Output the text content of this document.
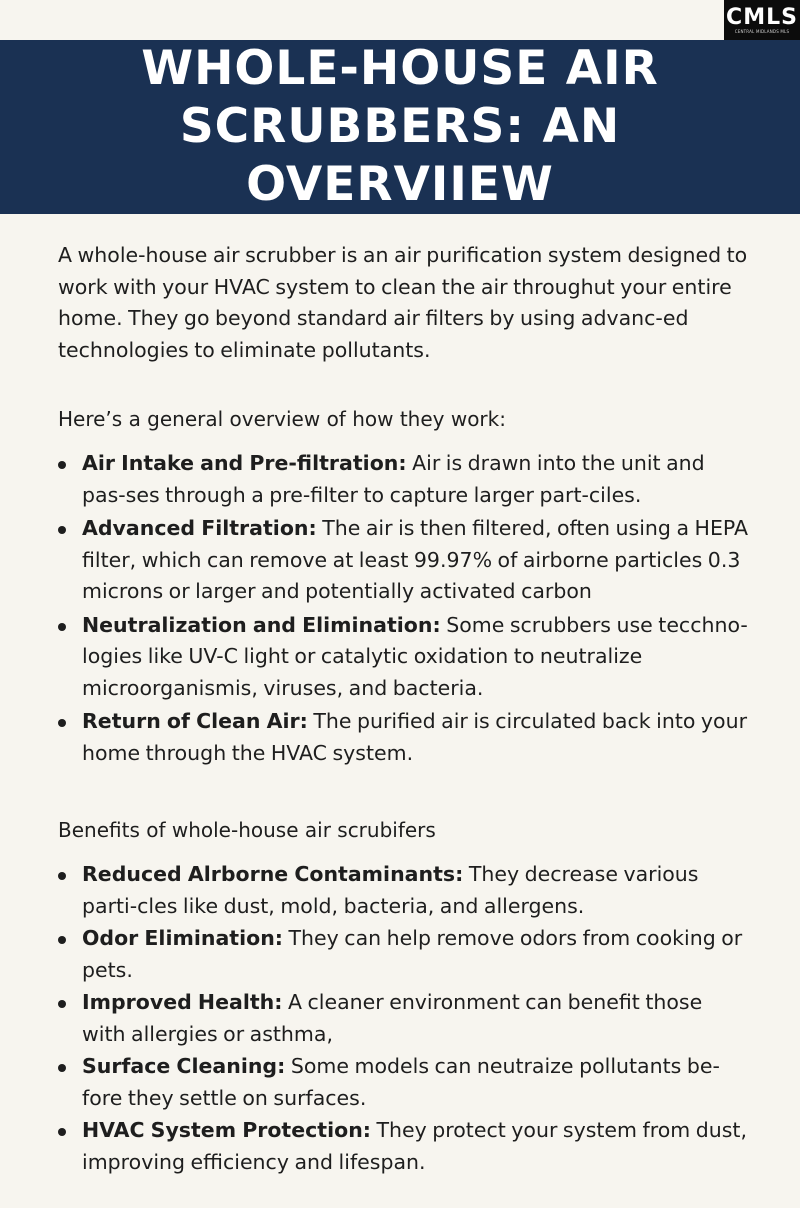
CMLS
CENTRAL MIDLANDS MLS
WHOLE-HOUSE AIR SCRUBBERS: AN OVERVIIEW

A whole-house air scrubber is an air purification system designed to work with your HVAC system to clean the air throughut your entire home. They go beyond standard air filters by using advanc-ed technologies to eliminate pollutants.

Here’s a general overview of how they work:

Air Intake and Pre-filtration: Air is drawn into the unit and pas-ses through a pre-filter to capture larger part-ciles.
Advanced Filtration: The air is then filtered, often using a HEPA filter, which can remove at least 99.97% of airborne particles 0.3 microns or larger and potentially activated carbon
Neutralization and Elimination: Some scrubbers use tecchno-logies like UV-C light or catalytic oxidation to neutralize microorganismis, viruses, and bacteria.
Return of Clean Air: The purified air is circulated back into your home through the HVAC system.

Benefits of whole-house air scrubifers

Reduced Alrborne Contaminants: They decrease various parti-cles like dust, mold, bacteria, and allergens.
Odor Elimination: They can help remove odors from cooking or pets.
Improved Health: A cleaner environment can benefit those with allergies or asthma,
Surface Cleaning: Some models can neutraize pollutants be-fore they settle on surfaces.
HVAC System Protection: They protect your system from dust, improving efficiency and lifespan.
